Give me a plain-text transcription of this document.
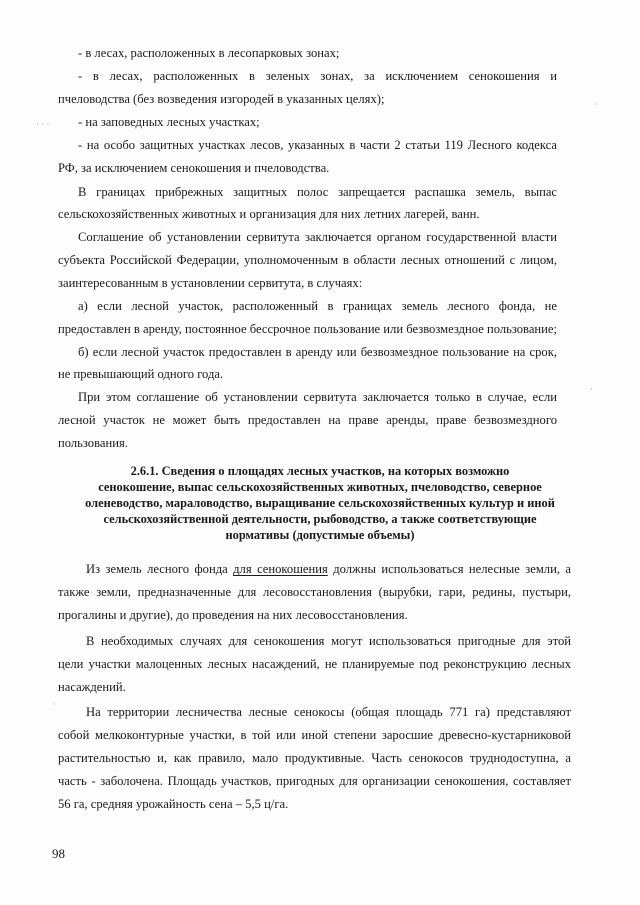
- в лесах, расположенных в лесопарковых зонах;
- в лесах, расположенных в зеленых зонах, за исключением сенокошения и
пчеловодства (без возведения изгородей в указанных целях);
- на заповедных лесных участках;
- на особо защитных участках лесов, указанных в части 2 статьи 119 Лесного кодекса
РФ, за исключением сенокошения и пчеловодства.
В границах прибрежных защитных полос запрещается распашка земель, выпас
сельскохозяйственных животных и организация для них летних лагерей, ванн.
Соглашение об установлении сервитута заключается органом государственной власти
субъекта Российской Федерации, уполномоченным в области лесных отношений с лицом,
заинтересованным в установлении сервитута, в случаях:
а) если лесной участок, расположенный в границах земель лесного фонда, не
предоставлен в аренду, постоянное бессрочное пользование или безвозмездное пользование;
б) если лесной участок предоставлен в аренду или безвозмездное пользование на срок,
не превышающий одного года.
При этом соглашение об установлении сервитута заключается только в случае, если
лесной участок не может быть предоставлен на праве аренды, праве безвозмездного
пользования.
2.6.1. Сведения о площадях лесных участков, на которых возможно
сенокошение, выпас сельскохозяйственных животных, пчеловодство, северное
оленеводство, мараловодство, выращивание сельскохозяйственных культур и иной
сельскохозяйственной деятельности, рыбоводство, а также соответствующие
нормативы (допустимые объемы)
Из земель лесного фонда для сенокошения должны использоваться нелесные земли, а
также земли, предназначенные для лесовосстановления (вырубки, гари, редины, пустыри,
прогалины и другие), до проведения на них лесовосстановления.
В необходимых случаях для сенокошения могут использоваться пригодные для этой
цели участки малоценных лесных насаждений, не планируемые под реконструкцию лесных
насаждений.
На территории лесничества лесные сенокосы (общая площадь 771 га) представляют
собой мелкоконтурные участки, в той или иной степени заросшие древесно-кустарниковой
растительностью и, как правило, мало продуктивные. Часть сенокосов труднодоступна, а
часть - заболочена. Площадь участков, пригодных для организации сенокошения, составляет
56 га, средняя урожайность сена – 5,5 ц/га.
98
· · ·
·
·
·
